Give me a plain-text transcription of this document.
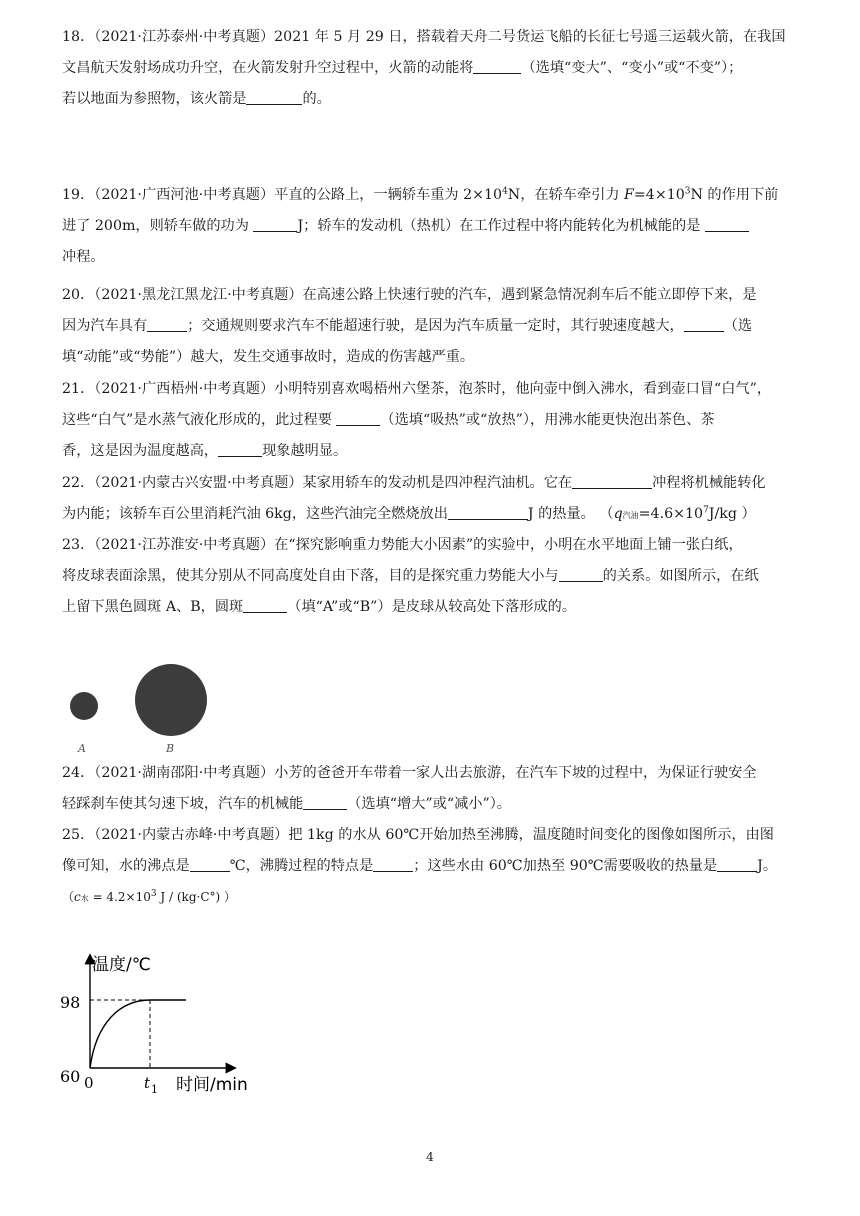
18．（2021·江苏泰州·中考真题）2021 年 5 月 29 日，搭载着天舟二号货运飞船的长征七号遥三运载火箭，在我国
文昌航天发射场成功升空，在火箭发射升空过程中，火箭的动能将	（选填“变大”、“变小”或“不变”）；
若以地面为参照物，该火箭是	的。
19．（2021·广西河池·中考真题）平直的公路上，一辆轿车重为 $2\times 10^4N$，在轿车牵引力 $F=4\times 10^3N$ 的作用下前
进了 200m，则轿车做的功为	J；轿车的发动机（热机）在工作过程中将内能转化为机械能的是
冲程。
20．（2021·黑龙江黑龙江·中考真题）在高速公路上快速行驶的汽车，遇到紧急情况刹车后不能立即停下来，是
因为汽车具有	；交通规则要求汽车不能超速行驶，是因为汽车质量一定时，其行驶速度越大，	（选
填“动能”或“势能”）越大，发生交通事故时，造成的伤害越严重。
21．（2021·广西梧州·中考真题）小明特别喜欢喝梧州六堡茶，泡茶时，他向壶中倒入沸水，看到壶口冒“白气”，
这些“白气”是水蒸气液化形成的，此过程要	（选填“吸热”或“放热”），用沸水能更快泡出茶色、茶
香，这是因为温度越高，	现象越明显。
22．（2021·内蒙古兴安盟·中考真题）某家用轿车的发动机是四冲程汽油机。它在	冲程将机械能转化
为内能；该轿车百公里消耗汽油 6kg，这些汽油完全燃烧放出	J 的热量。 （q汽油$=4.6\times 10^7J/kg$ ）
23．（2021·江苏淮安·中考真题）在“探究影响重力势能大小因素”的实验中，小明在水平地面上铺一张白纸，
将皮球表面涂黑，使其分别从不同高度处自由下落，目的是探究重力势能大小与	的关系。如图所示，在纸
上留下黑色圆斑 A、B，圆斑	（填“A”或“B”）是皮球从较高处下落形成的。
A	B
24．（2021·湖南邵阳·中考真题）小芳的爸爸开车带着一家人出去旅游，在汽车下坡的过程中，为保证行驶安全
轻踩刹车使其匀速下坡，汽车的机械能	（选填“增大”或“减小”）。
25．（2021·内蒙古赤峰·中考真题）把 1kg 的水从 60℃开始加热至沸腾，温度随时间变化的图像如图所示，由图
像可知，水的沸点是	℃，沸腾过程的特点是	；这些水由 60℃加热至 90℃需要吸收的热量是	J。
（c水 = $4.2\times 10^3$ J / (kg·C°) ）
温度/℃
时间/min
98
60 0	t 1
4
